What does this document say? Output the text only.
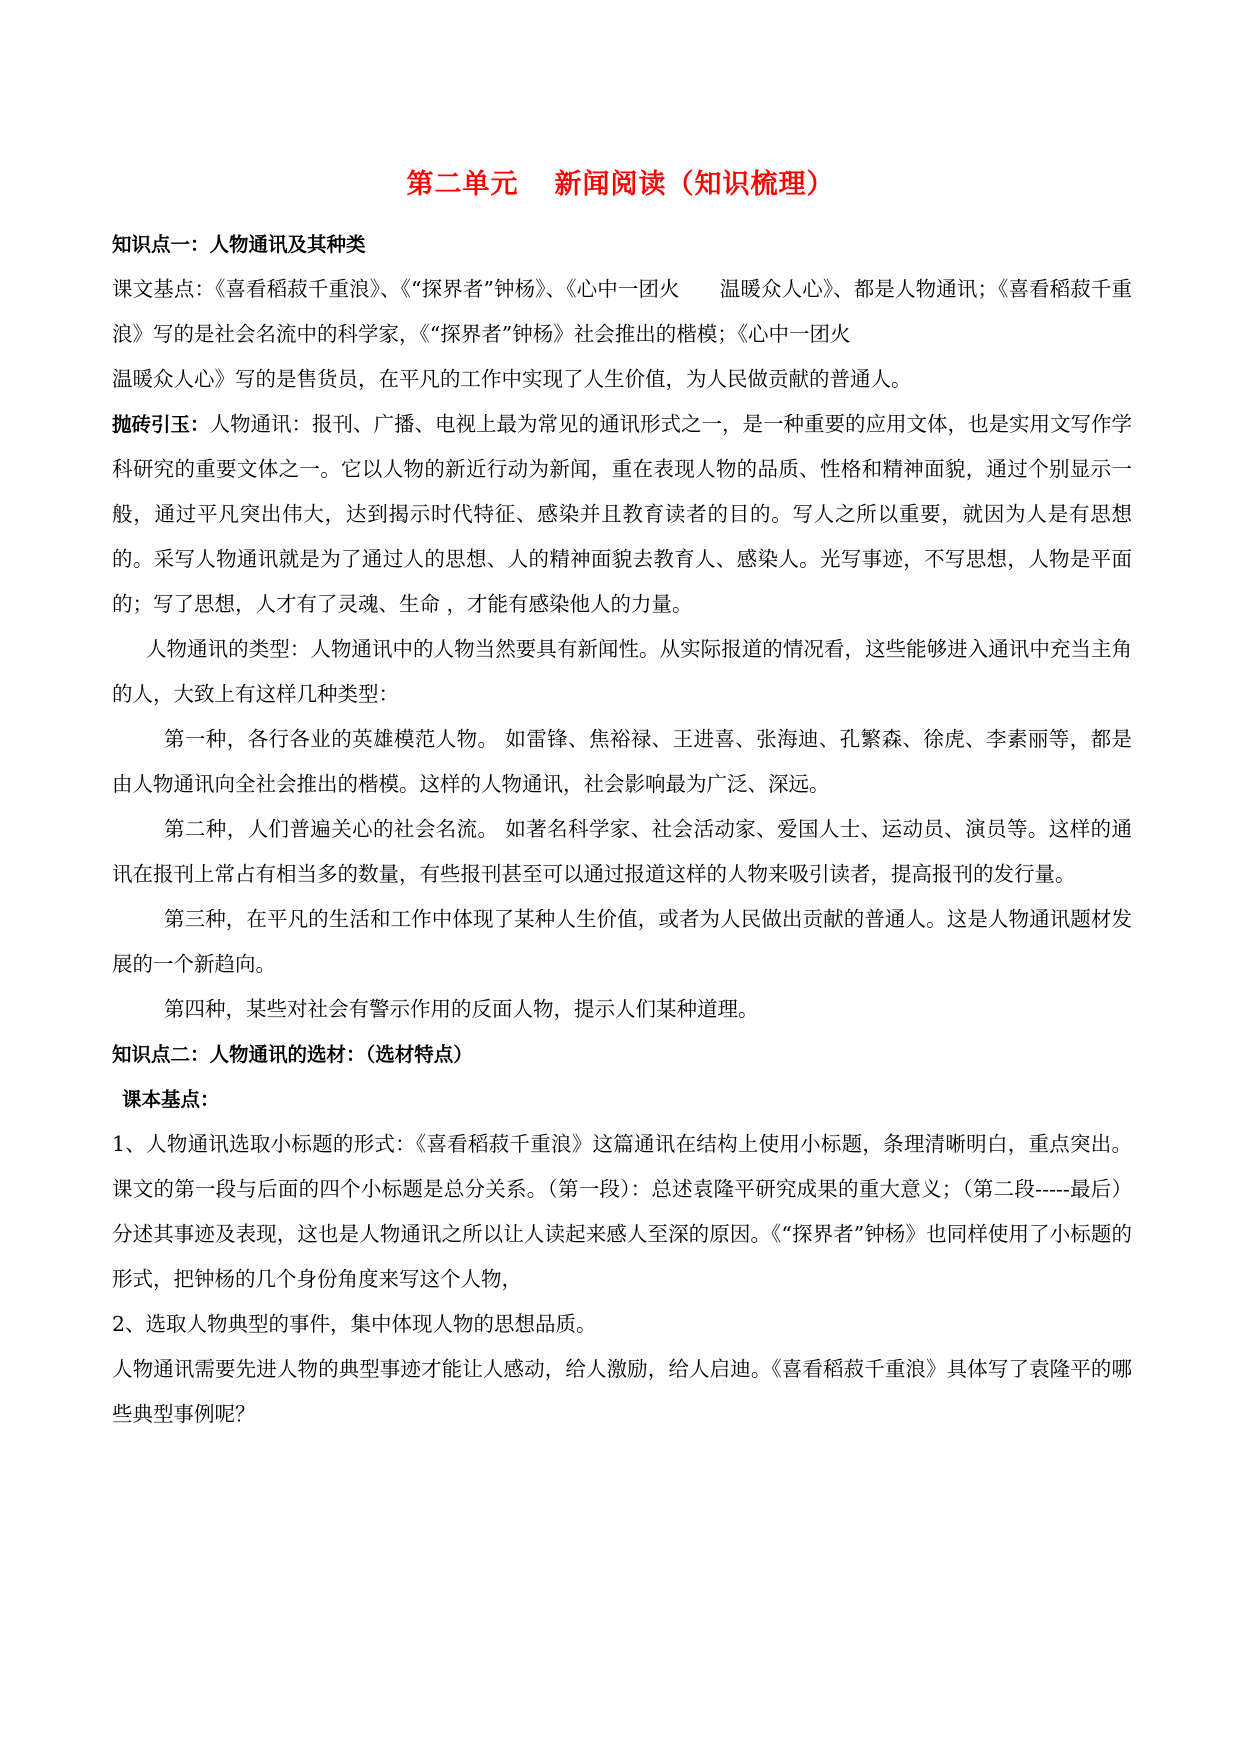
第二单元 新闻阅读（知识梳理）

知识点一：人物通讯及其种类

课文基点：《喜看稻菽千重浪》、《“探界者”钟杨》、《心中一团火 温暖众人心》、都是人物通讯；《喜看稻菽千重浪》写的是社会名流中的科学家，《“探界者”钟杨》社会推出的楷模；《心中一团火
温暖众人心》写的是售货员，在平凡的工作中实现了人生价值，为人民做贡献的普通人。

抛砖引玉：人物通讯：报刊、广播、电视上最为常见的通讯形式之一，是一种重要的应用文体，也是实用文写作学科研究的重要文体之一。它以人物的新近行动为新闻，重在表现人物的品质、性格和精神面貌，通过个别显示一般，通过平凡突出伟大，达到揭示时代特征、感染并且教育读者的目的。写人之所以重要，就因为人是有思想的。采写人物通讯就是为了通过人的思想、人的精神面貌去教育人、感染人。光写事迹，不写思想，人物是平面的；写了思想，人才有了灵魂、生命 ，才能有感染他人的力量。

人物通讯的类型：人物通讯中的人物当然要具有新闻性。从实际报道的情况看，这些能够进入通讯中充当主角的人，大致上有这样几种类型：

第一种，各行各业的英雄模范人物。 如雷锋、焦裕禄、王进喜、张海迪、孔繁森、徐虎、李素丽等，都是由人物通讯向全社会推出的楷模。这样的人物通讯，社会影响最为广泛、深远。

第二种，人们普遍关心的社会名流。 如著名科学家、社会活动家、爱国人士、运动员、演员等。这样的通讯在报刊上常占有相当多的数量，有些报刊甚至可以通过报道这样的人物来吸引读者，提高报刊的发行量。

第三种，在平凡的生活和工作中体现了某种人生价值，或者为人民做出贡献的普通人。这是人物通讯题材发展的一个新趋向。

第四种，某些对社会有警示作用的反面人物，提示人们某种道理。

知识点二：人物通讯的选材：（选材特点）

课本基点：

1、人物通讯选取小标题的形式：《喜看稻菽千重浪》这篇通讯在结构上使用小标题，条理清晰明白，重点突出。课文的第一段与后面的四个小标题是总分关系。（第一段）：总述袁隆平研究成果的重大意义；（第二段-----最后）分述其事迹及表现，这也是人物通讯之所以让人读起来感人至深的原因。《“探界者”钟杨》也同样使用了小标题的形式，把钟杨的几个身份角度来写这个人物，

2、选取人物典型的事件，集中体现人物的思想品质。

人物通讯需要先进人物的典型事迹才能让人感动，给人激励，给人启迪。《喜看稻菽千重浪》具体写了袁隆平的哪些典型事例呢？
